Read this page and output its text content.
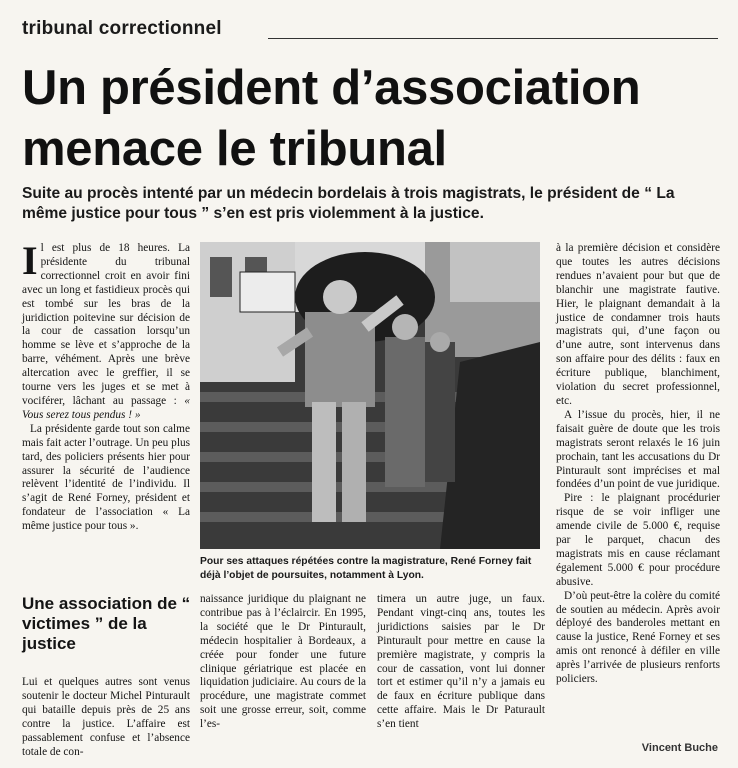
tribunal correctionnel
Un président d’association
menace le tribunal

Suite au procès intenté par un médecin bordelais à trois magistrats, le président de “ La même justice pour tous ” s’en est pris violemment à la justice.

Il est plus de 18 heures. La présidente du tribunal correctionnel croit en avoir fini avec un long et fastidieux procès qui est tombé sur les bras de la juridiction poitevine sur décision de la cour de cassation lorsqu’un homme se lève et s’approche de la barre, véhément. Après une brève altercation avec le greffier, il se tourne vers les juges et se met à vociférer, lâchant au passage : « Vous serez tous pendus ! »

La présidente garde tout son calme mais fait acter l’outrage. Un peu plus tard, des policiers présents hier pour assurer la sécurité de l’audience relèvent l’identité de l’individu. Il s’agit de René Forney, président et fondateur de l’association « La même justice pour tous ».

Une association de “ victimes ” de la justice

Lui et quelques autres sont venus soutenir le docteur Michel Pinturault qui bataille depuis près de 25 ans contre la justice. L’affaire est passablement confuse et l’absence totale de con-

Pour ses attaques répétées contre la magistrature, René Forney fait déjà l’objet de poursuites, notamment à Lyon.

naissance juridique du plaignant ne contribue pas à l’éclaircir. En 1995, la société que le Dr Pinturault, médecin hospitalier à Bordeaux, a créée pour fonder une future clinique gériatrique est placée en liquidation judiciaire. Au cours de la procédure, une magistrate commet soit une grosse erreur, soit, comme l’es-

timera un autre juge, un faux. Pendant vingt-cinq ans, toutes les juridictions saisies par le Dr Pinturault pour mettre en cause la première magistrate, y compris la cour de cassation, vont lui donner tort et estimer qu’il n’y a jamais eu de faux en écriture publique dans cette affaire. Mais le Dr Paturault s’en tient

à la première décision et considère que toutes les autres décisions rendues n’avaient pour but que de blanchir une magistrate fautive. Hier, le plaignant demandait à la justice de condamner trois hauts magistrats qui, d’une façon ou d’une autre, sont intervenus dans son affaire pour des délits : faux en écriture publique, blanchiment, violation du secret professionnel, etc.

A l’issue du procès, hier, il ne faisait guère de doute que les trois magistrats seront relaxés le 16 juin prochain, tant les accusations du Dr Pinturault sont imprécises et mal fondées d’un point de vue juridique.

Pire : le plaignant procédurier risque de se voir infliger une amende civile de 5.000 €, requise par le parquet, chacun des magistrats mis en cause réclamant également 5.000 € pour procédure abusive.

D’où peut-être la colère du comité de soutien au médecin. Après avoir déployé des banderoles mettant en cause la justice, René Forney et ses amis ont renoncé à défiler en ville après l’arrivée de plusieurs renforts policiers.

Vincent Buche
